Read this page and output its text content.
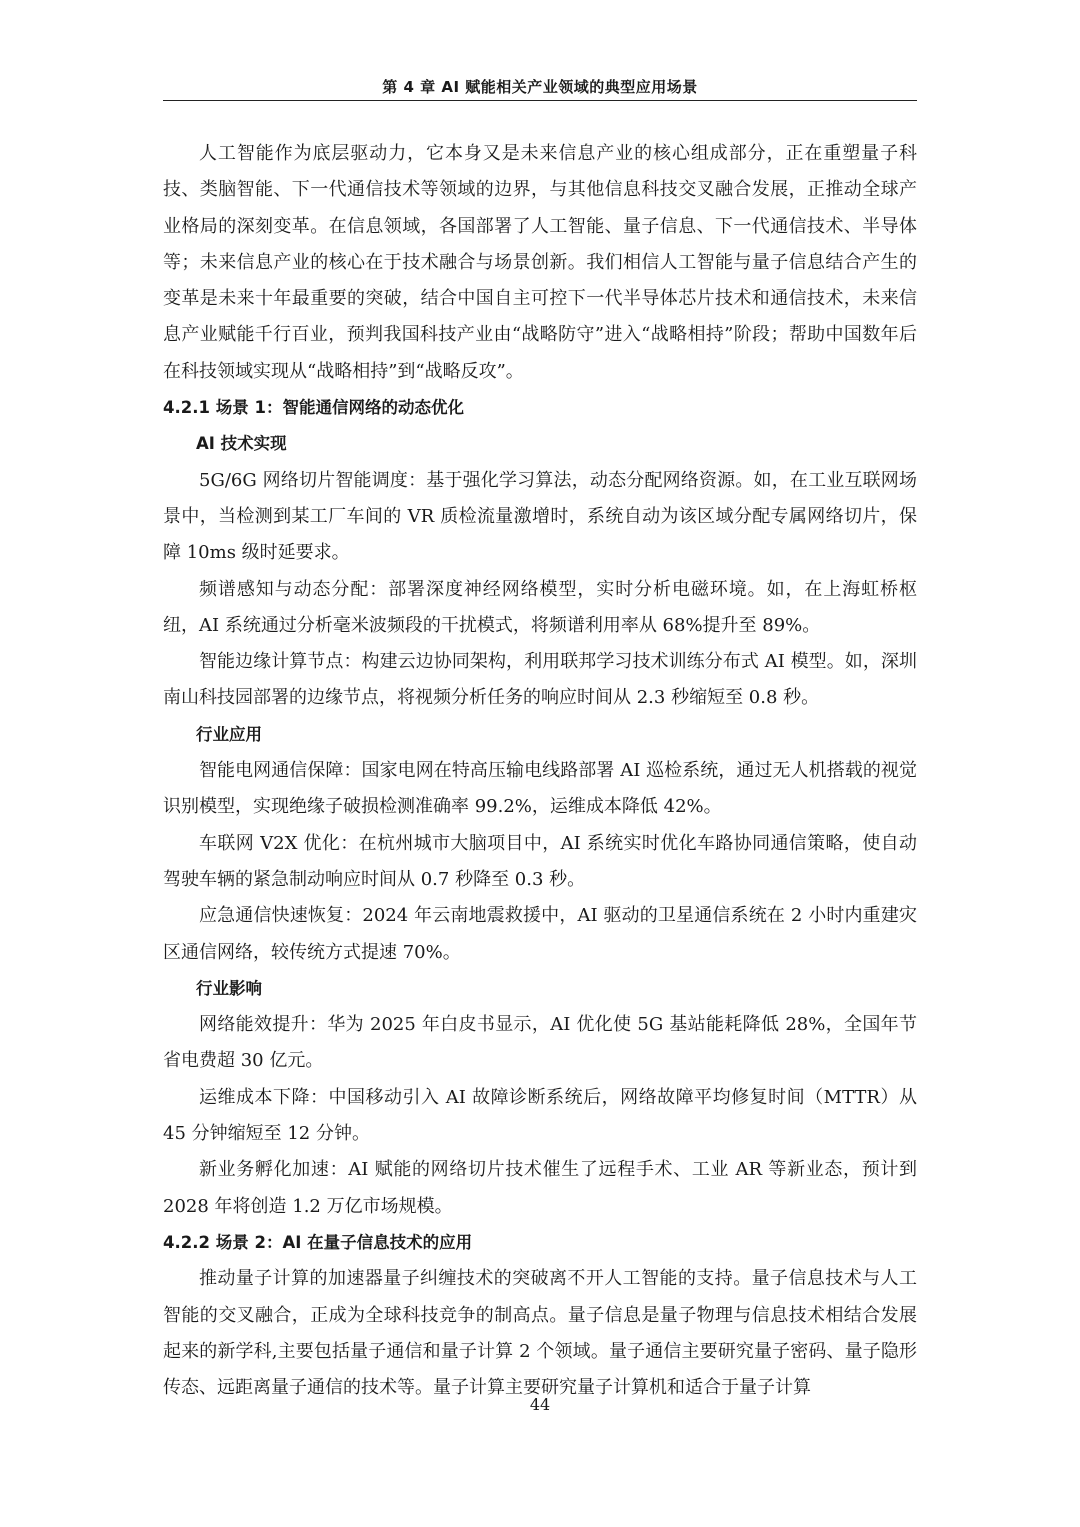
第 4 章 AI 赋能相关产业领域的典型应用场景

人工智能作为底层驱动力，它本身又是未来信息产业的核心组成部分，正在重塑量子科技、类脑智能、下一代通信技术等领域的边界，与其他信息科技交叉融合发展，正推动全球产业格局的深刻变革。在信息领域，各国部署了人工智能、量子信息、下一代通信技术、半导体等；未来信息产业的核心在于技术融合与场景创新。我们相信人工智能与量子信息结合产生的变革是未来十年最重要的突破，结合中国自主可控下一代半导体芯片技术和通信技术，未来信息产业赋能千行百业，预判我国科技产业由“战略防守”进入“战略相持”阶段；帮助中国数年后在科技领域实现从“战略相持”到“战略反攻”。

4.2.1 场景 1：智能通信网络的动态优化
AI 技术实现

5G/6G 网络切片智能调度：基于强化学习算法，动态分配网络资源。如，在工业互联网场景中，当检测到某工厂车间的 VR 质检流量激增时，系统自动为该区域分配专属网络切片，保障 10ms 级时延要求。

频谱感知与动态分配：部署深度神经网络模型，实时分析电磁环境。如，在上海虹桥枢纽，AI 系统通过分析毫米波频段的干扰模式，将频谱利用率从 68%提升至 89%。

智能边缘计算节点：构建云边协同架构，利用联邦学习技术训练分布式 AI 模型。如，深圳南山科技园部署的边缘节点，将视频分析任务的响应时间从 2.3 秒缩短至 0.8 秒。

行业应用

智能电网通信保障：国家电网在特高压输电线路部署 AI 巡检系统，通过无人机搭载的视觉识别模型，实现绝缘子破损检测准确率 99.2%，运维成本降低 42%。

车联网 V2X 优化：在杭州城市大脑项目中，AI 系统实时优化车路协同通信策略，使自动驾驶车辆的紧急制动响应时间从 0.7 秒降至 0.3 秒。

应急通信快速恢复：2024 年云南地震救援中，AI 驱动的卫星通信系统在 2 小时内重建灾区通信网络，较传统方式提速 70%。

行业影响

网络能效提升：华为 2025 年白皮书显示，AI 优化使 5G 基站能耗降低 28%，全国年节省电费超 30 亿元。

运维成本下降：中国移动引入 AI 故障诊断系统后，网络故障平均修复时间（MTTR）从 45 分钟缩短至 12 分钟。

新业务孵化加速：AI 赋能的网络切片技术催生了远程手术、工业 AR 等新业态，预计到 2028 年将创造 1.2 万亿市场规模。

4.2.2 场景 2：AI 在量子信息技术的应用

推动量子计算的加速器量子纠缠技术的突破离不开人工智能的支持。量子信息技术与人工智能的交叉融合，正成为全球科技竞争的制高点。量子信息是量子物理与信息技术相结合发展起来的新学科,主要包括量子通信和量子计算 2 个领域。量子通信主要研究量子密码、量子隐形传态、远距离量子通信的技术等。量子计算主要研究量子计算机和适合于量子计算

44
